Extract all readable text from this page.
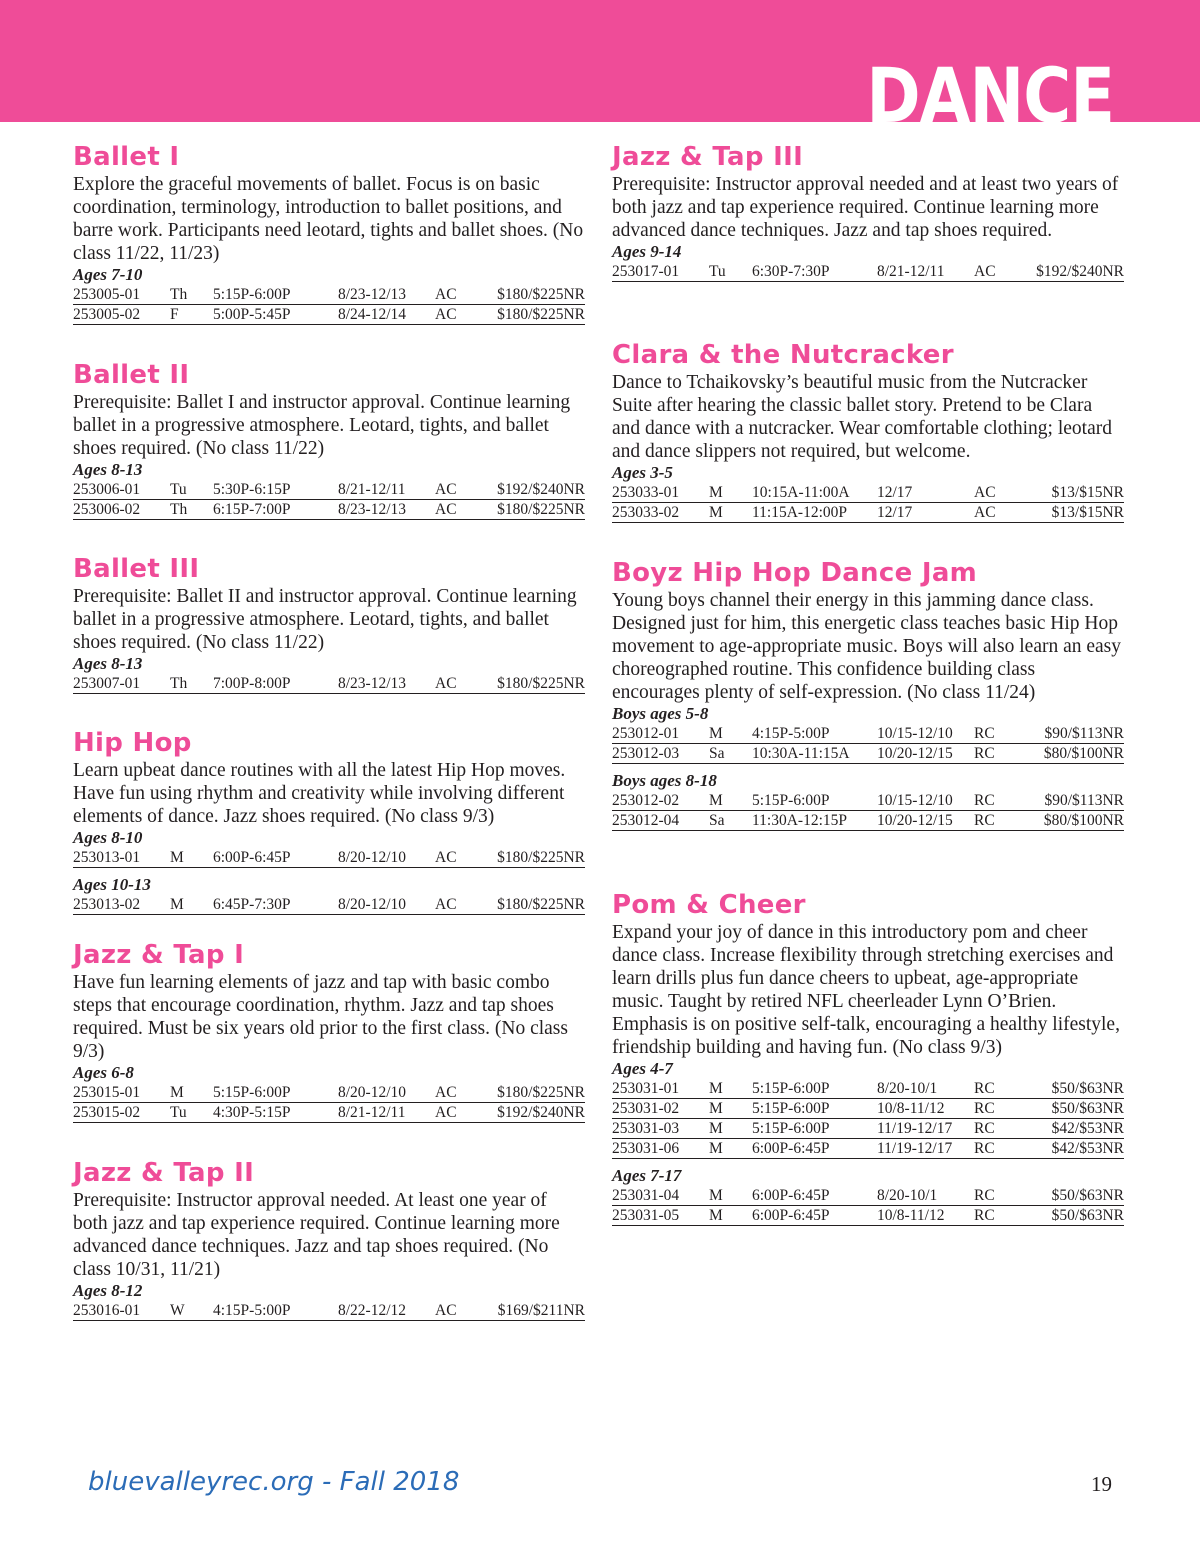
DANCE
Ballet I

Explore the graceful movements of ballet. Focus is on basic coordination, terminology, introduction to ballet positions, and barre work. Participants need leotard, tights and ballet shoes. (No class 11/22, 11/23)

Ages 7-10

253005-01 Th 5:15P-6:00P	8/23-12/13 AC	$180/$225NR
253005-02 F 5:00P-5:45P	8/24-12/14 AC	$180/$225NR
Ballet II

Prerequisite: Ballet I and instructor approval. Continue learning ballet in a progressive atmosphere. Leotard, tights, and ballet shoes required. (No class 11/22)

Ages 8-13

253006-01 Tu 5:30P-6:15P	8/21-12/11 AC	$192/$240NR
253006-02 Th 6:15P-7:00P	8/23-12/13 AC	$180/$225NR
Ballet III

Prerequisite: Ballet II and instructor approval. Continue learning ballet in a progressive atmosphere. Leotard, tights, and ballet shoes required. (No class 11/22)

Ages 8-13

253007-01 Th 7:00P-8:00P	8/23-12/13 AC	$180/$225NR
Hip Hop

Learn upbeat dance routines with all the latest Hip Hop moves. Have fun using rhythm and creativity while involving different elements of dance. Jazz shoes required. (No class 9/3)

Ages 8-10

253013-01 M 6:00P-6:45P	8/20-12/10 AC	$180/$225NR

Ages 10-13

253013-02 M 6:45P-7:30P	8/20-12/10 AC	$180/$225NR
Jazz & Tap I

Have fun learning elements of jazz and tap with basic combo steps that encourage coordination, rhythm. Jazz and tap shoes required. Must be six years old prior to the first class. (No class 9/3)

Ages 6-8

253015-01 M 5:15P-6:00P	8/20-12/10 AC	$180/$225NR
253015-02 Tu 4:30P-5:15P	8/21-12/11 AC	$192/$240NR
Jazz & Tap II

Prerequisite: Instructor approval needed. At least one year of both jazz and tap experience required. Continue learning more advanced dance techniques. Jazz and tap shoes required. (No class 10/31, 11/21)

Ages 8-12

253016-01 W 4:15P-5:00P	8/22-12/12 AC	$169/$211NR
Jazz & Tap III

Prerequisite: Instructor approval needed and at least two years of both jazz and tap experience required. Continue learning more advanced dance techniques. Jazz and tap shoes required.

Ages 9-14

253017-01 Tu 6:30P-7:30P	8/21-12/11 AC	$192/$240NR
Clara & the Nutcracker

Dance to Tchaikovsky’s beautiful music from the Nutcracker Suite after hearing the classic ballet story. Pretend to be Clara and dance with a nutcracker. Wear comfortable clothing; leotard and dance slippers not required, but welcome.

Ages 3-5

253033-01 M 10:15A-11:00A 12/17	AC	$13/$15NR
253033-02 M 11:15A-12:00P 12/17	AC	$13/$15NR
Boyz Hip Hop Dance Jam

Young boys channel their energy in this jamming dance class. Designed just for him, this energetic class teaches basic Hip Hop movement to age-appropriate music. Boys will also learn an easy choreographed routine. This confidence building class encourages plenty of self-expression. (No class 11/24)

Boys ages 5-8

253012-01 M 4:15P-5:00P	10/15-12/10 RC	$90/$113NR
253012-03 Sa 10:30A-11:15A 10/20-12/15 RC	$80/$100NR

Boys ages 8-18

253012-02 M 5:15P-6:00P	10/15-12/10 RC	$90/$113NR
253012-04 Sa 11:30A-12:15P 10/20-12/15 RC	$80/$100NR
Pom & Cheer

Expand your joy of dance in this introductory pom and cheer dance class. Increase flexibility through stretching exercises and learn drills plus fun dance cheers to upbeat, age-appropriate music. Taught by retired NFL cheerleader Lynn O’Brien. Emphasis is on positive self-talk, encouraging a healthy lifestyle, friendship building and having fun. (No class 9/3)

Ages 4-7

253031-01 M 5:15P-6:00P	8/20-10/1 RC	$50/$63NR
253031-02 M 5:15P-6:00P	10/8-11/12 RC	$50/$63NR
253031-03 M 5:15P-6:00P	11/19-12/17 RC	$42/$53NR
253031-06 M 6:00P-6:45P	11/19-12/17 RC	$42/$53NR

Ages 7-17

253031-04 M 6:00P-6:45P	8/20-10/1 RC	$50/$63NR
253031-05 M 6:00P-6:45P	10/8-11/12 RC	$50/$63NR
bluevalleyrec.org - Fall 2018	19
